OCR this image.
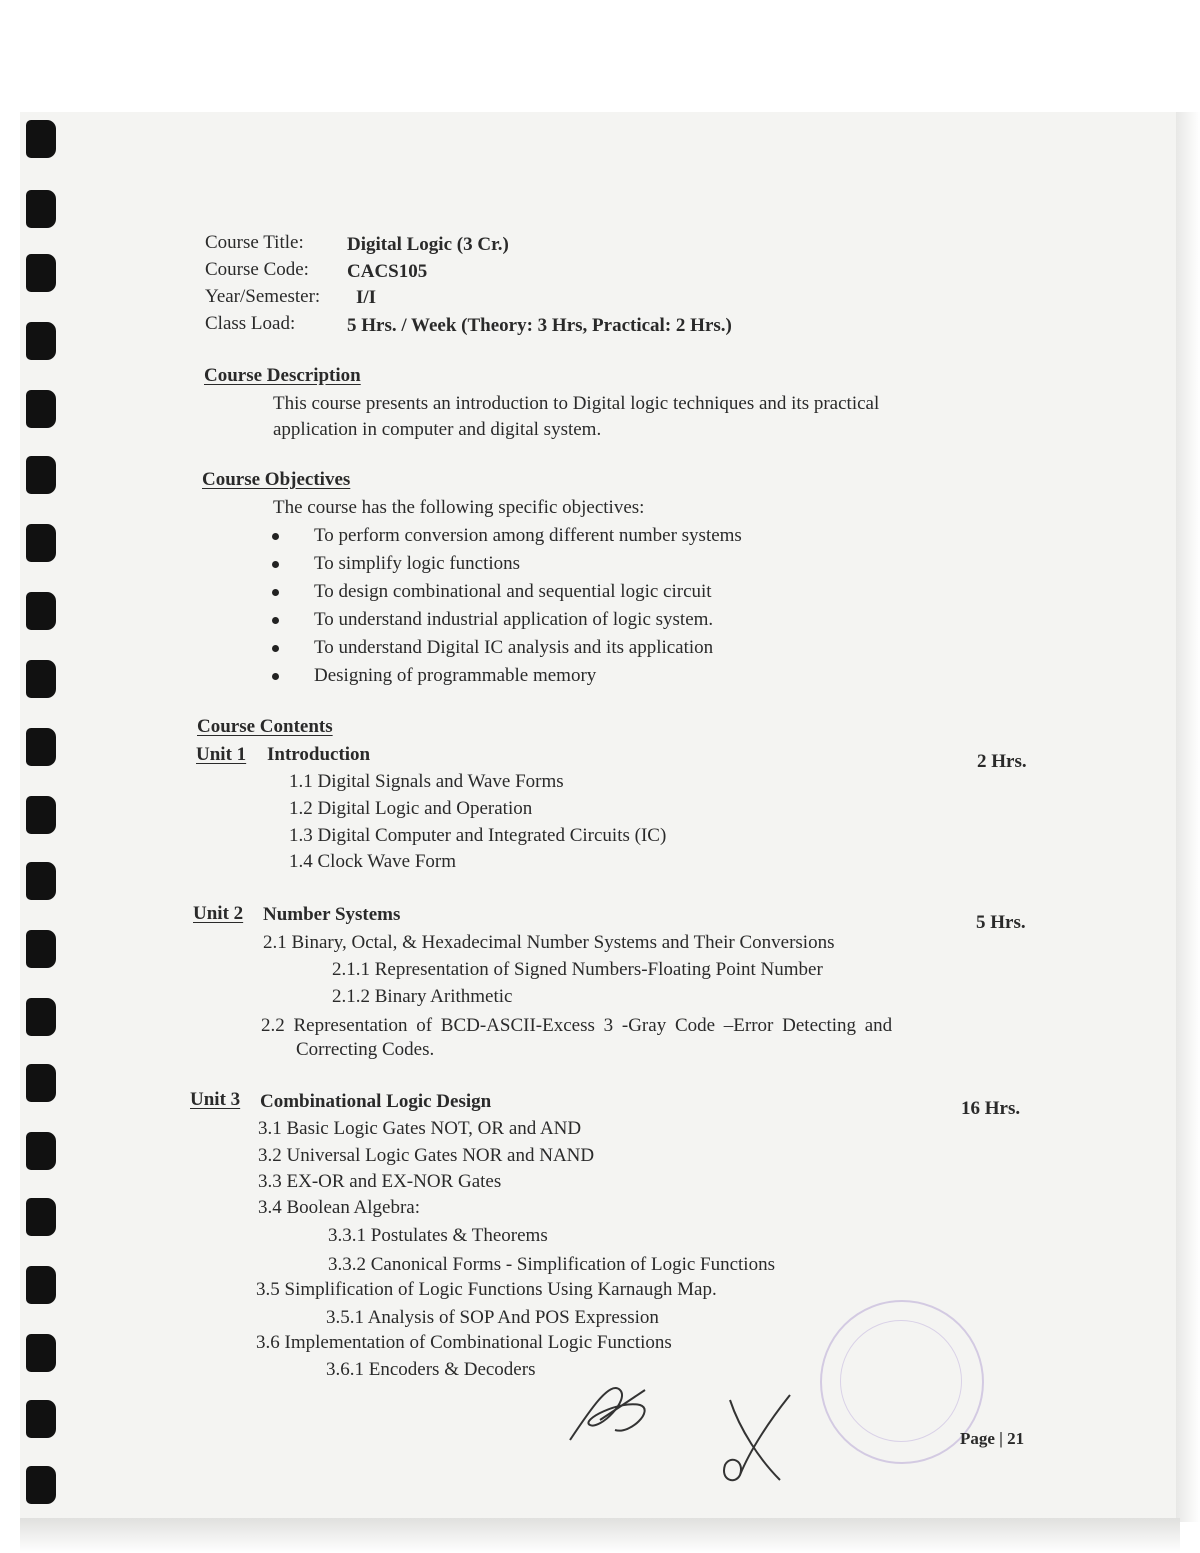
Course Title: Digital Logic (3 Cr.)
Course Code: CACS105
Year/Semester: I/I
Class Load:	5 Hrs. / Week (Theory: 3 Hrs, Practical: 2 Hrs.)
Course Description
This course presents an introduction to Digital logic techniques and its practical
application in computer and digital system.
Course Objectives
The course has the following specific objectives:
To perform conversion among different number systems
To simplify logic functions
To design combinational and sequential logic circuit
To understand industrial application of logic system.
To understand Digital IC analysis and its application
Designing of programmable memory
Course Contents
Unit 1 Introduction	2 Hrs.
1.1 Digital Signals and Wave Forms
1.2 Digital Logic and Operation
1.3 Digital Computer and Integrated Circuits (IC)
1.4 Clock Wave Form
Unit 2 Number Systems	5 Hrs.
2.1 Binary, Octal, & Hexadecimal Number Systems and Their Conversions
2.1.1 Representation of Signed Numbers-Floating Point Number
2.1.2 Binary Arithmetic
2.2 Representation of BCD-ASCII-Excess 3 -Gray Code –Error Detecting and
Correcting Codes.
Unit 3 Combinational Logic Design	16 Hrs.
3.1 Basic Logic Gates NOT, OR and AND
3.2 Universal Logic Gates NOR and NAND
3.3 EX-OR and EX-NOR Gates
3.4 Boolean Algebra:
3.3.1 Postulates & Theorems
3.3.2 Canonical Forms - Simplification of Logic Functions
3.5 Simplification of Logic Functions Using Karnaugh Map.
3.5.1 Analysis of SOP And POS Expression
3.6 Implementation of Combinational Logic Functions
3.6.1 Encoders & Decoders
Page | 21
